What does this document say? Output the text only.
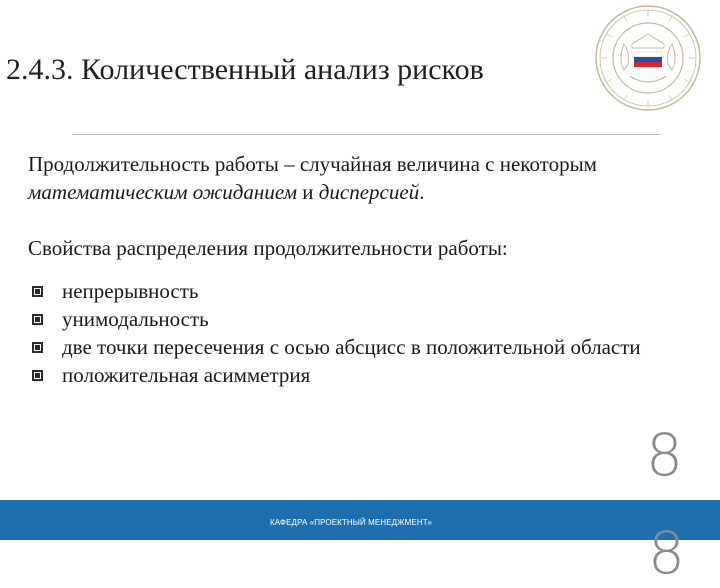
2.4.3. Количественный анализ рисков
Продолжительность работы – случайная величина с некоторым математическим ожиданием и дисперсией.
Свойства распределения продолжительности работы:
непрерывность
унимодальность
две точки пересечения с осью абсцисс в положительной области
положительная асимметрия
8
8
КАФЕДРА «ПРОЕКТНЫЙ МЕНЕДЖМЕНТ»
